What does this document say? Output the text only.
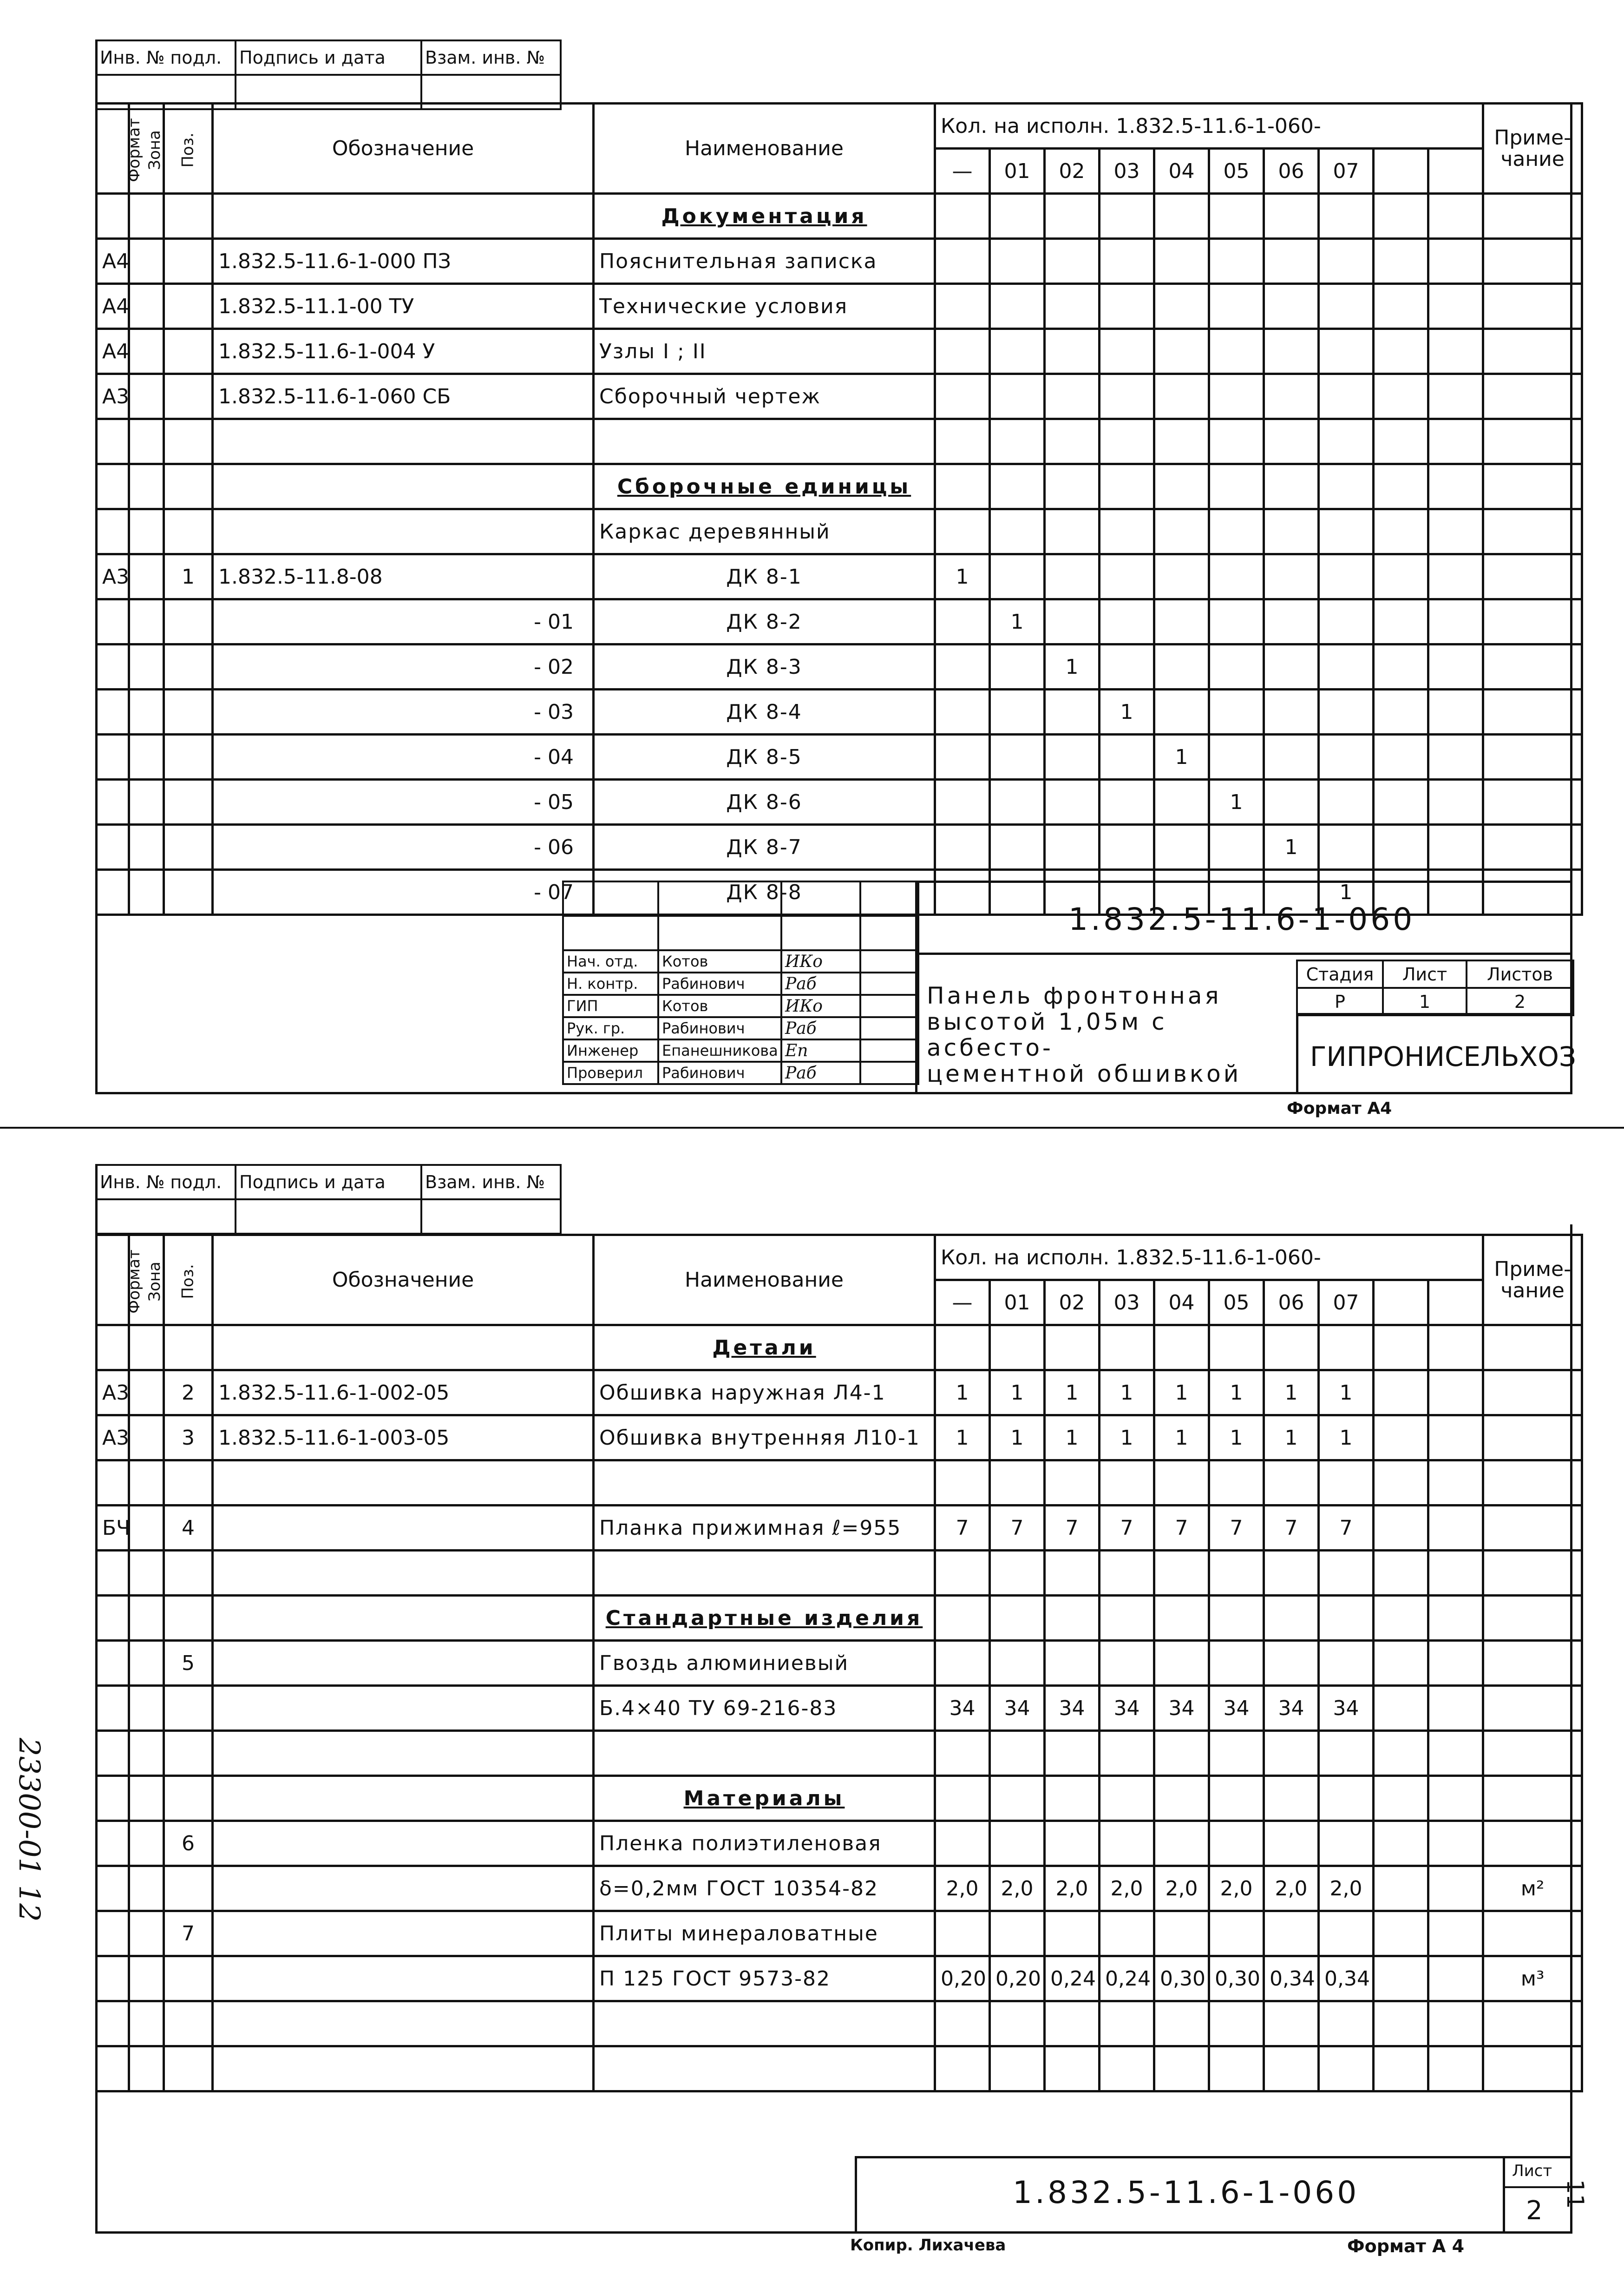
Инв. № подл.	Подпись и дата	Взам. инв. №

Формат	Зона	Поз.	Обозначение	Наименование	Кол. на исполн. 1.832.5-11.6-1-060-										Приме-чание
					—	01	02	03	04	05	06	07			
				Документация											
А4			1.832.5-11.6-1-000 ПЗ	Пояснительная записка											
А4			1.832.5-11.1-00 ТУ	Технические условия											
А4			1.832.5-11.6-1-004 У	Узлы I ; II											
А3			1.832.5-11.6-1-060 СБ	Сборочный чертеж											

				Сборочные единицы											
				Каркас деревянный											
А3		1	1.832.5-11.8-08	ДК 8-1	1										
			- 01	ДК 8-2		1									
			- 02	ДК 8-3			1								
			- 03	ДК 8-4				1							
			- 04	ДК 8-5					1						
			- 05	ДК 8-6						1					
			- 06	ДК 8-7							1				
			- 07	ДК 8-8								1			

Нач. отд.	Котов	ИКо	
Н. контр.	Рабинович	Раб	
ГИП	Котов	ИКо	
Рук. гр.	Рабинович	Раб	
Инженер	Епанешникова	Еп	
Проверил	Рабинович	Раб	
1.832.5-11.6-1-060
Панель фронтонная
высотой 1,05м с асбесто-
цементной обшивкой
Стадия	Лист	Листов
Р	1	2
ГИПРОНИСЕЛЬХОЗ
Формат А4
Инв. № подл.	Подпись и дата	Взам. инв. №

Формат	Зона	Поз.	Обозначение	Наименование	Кол. на исполн. 1.832.5-11.6-1-060-										Приме-чание
					—	01	02	03	04	05	06	07			
				Детали											
А3		2	1.832.5-11.6-1-002-05	Обшивка наружная Л4-1	1	1	1	1	1	1	1	1			
А3		3	1.832.5-11.6-1-003-05	Обшивка внутренняя Л10-1	1	1	1	1	1	1	1	1			

БЧ		4		Планка прижимная ℓ=955	7	7	7	7	7	7	7	7			

				Стандартные изделия											
		5		Гвоздь алюминиевый											
				Б.4×40 ТУ 69-216-83	34	34	34	34	34	34	34	34			

				Материалы											
		6		Пленка полиэтиленовая											
				δ=0,2мм ГОСТ 10354-82	2,0	2,0	2,0	2,0	2,0	2,0	2,0	2,0			м²
		7		Плиты минераловатные											
				П 125 ГОСТ 9573-82	0,20	0,20	0,24	0,24	0,30	0,30	0,34	0,34			м³

1.832.5-11.6-1-060
Лист
2
Копир. Лихачева	Формат А 4
23300-01 12
11
